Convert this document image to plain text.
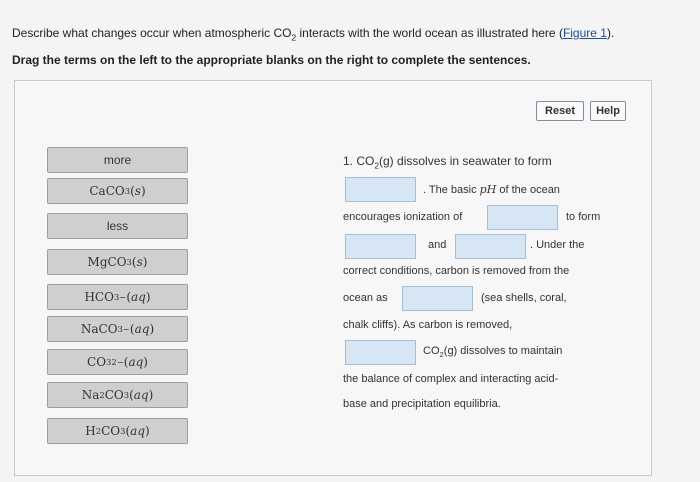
Describe what changes occur when atmospheric $CO_2$ interacts with the world ocean as illustrated here (Figure 1).
Drag the terms on the left to the appropriate blanks on the right to complete the sentences.
Reset	Help
more
CaCO 3 ( s )
less
MgCO 3 ( s )
HCO 3 − ( aq )
NaCO 3 − ( aq )
CO 3 2− ( aq )
Na 2 CO 3 ( aq )
H 2 CO 3 ( aq )
1. $CO_2(g)$ dissolves in seawater to form
. The basic pH of the ocean
encourages ionization of	to form
and	. Under the
correct conditions, carbon is removed from the
ocean as	(sea shells, coral,
chalk cliffs). As carbon is removed,
$CO_2(g)$ dissolves to maintain
the balance of complex and interacting acid-
base and precipitation equilibria.
